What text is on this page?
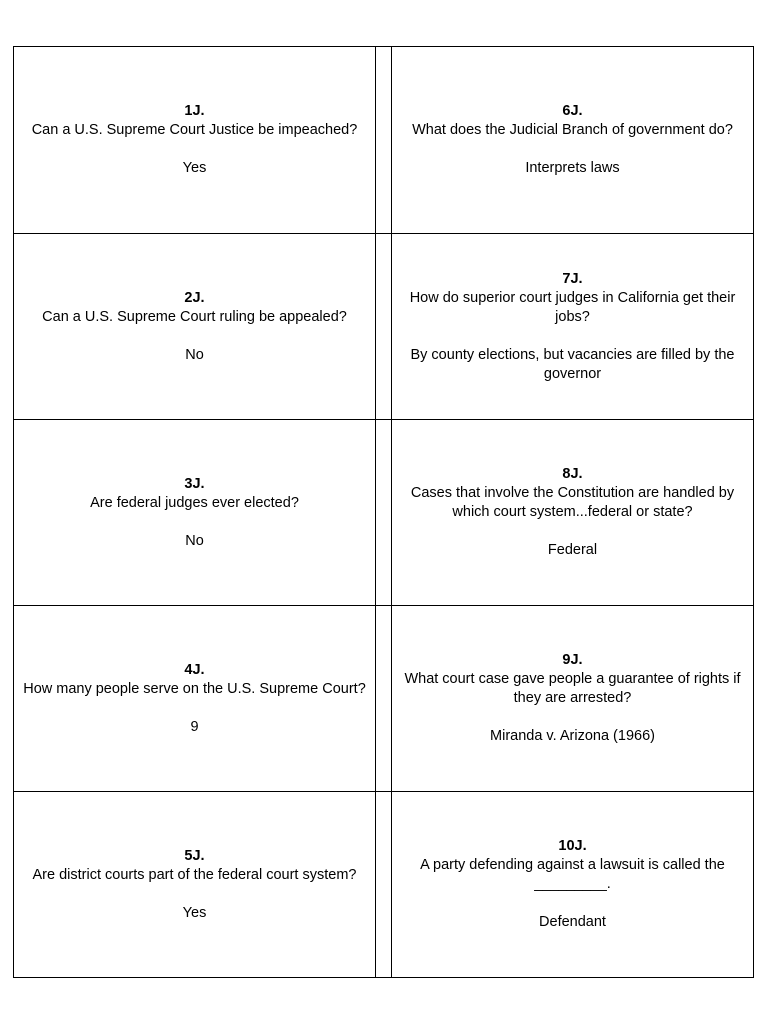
1J.
Can a U.S. Supreme Court Justice be impeached?
Yes		6J.
What does the Judicial Branch of government do?
Interprets laws

2J.
Can a U.S. Supreme Court ruling be appealed?
No		7J.
How do superior court judges in California get their jobs?
By county elections, but vacancies are filled by the governor

3J.
Are federal judges ever elected?
No		8J.
Cases that involve the Constitution are handled by which court system...federal or state?
Federal

4J.
How many people serve on the U.S. Supreme Court?
9		9J.
What court case gave people a guarantee of rights if they are arrested?
Miranda v. Arizona (1966)

5J.
Are district courts part of the federal court system?
Yes		10J.
A party defending against a lawsuit is called the _________.
Defendant
